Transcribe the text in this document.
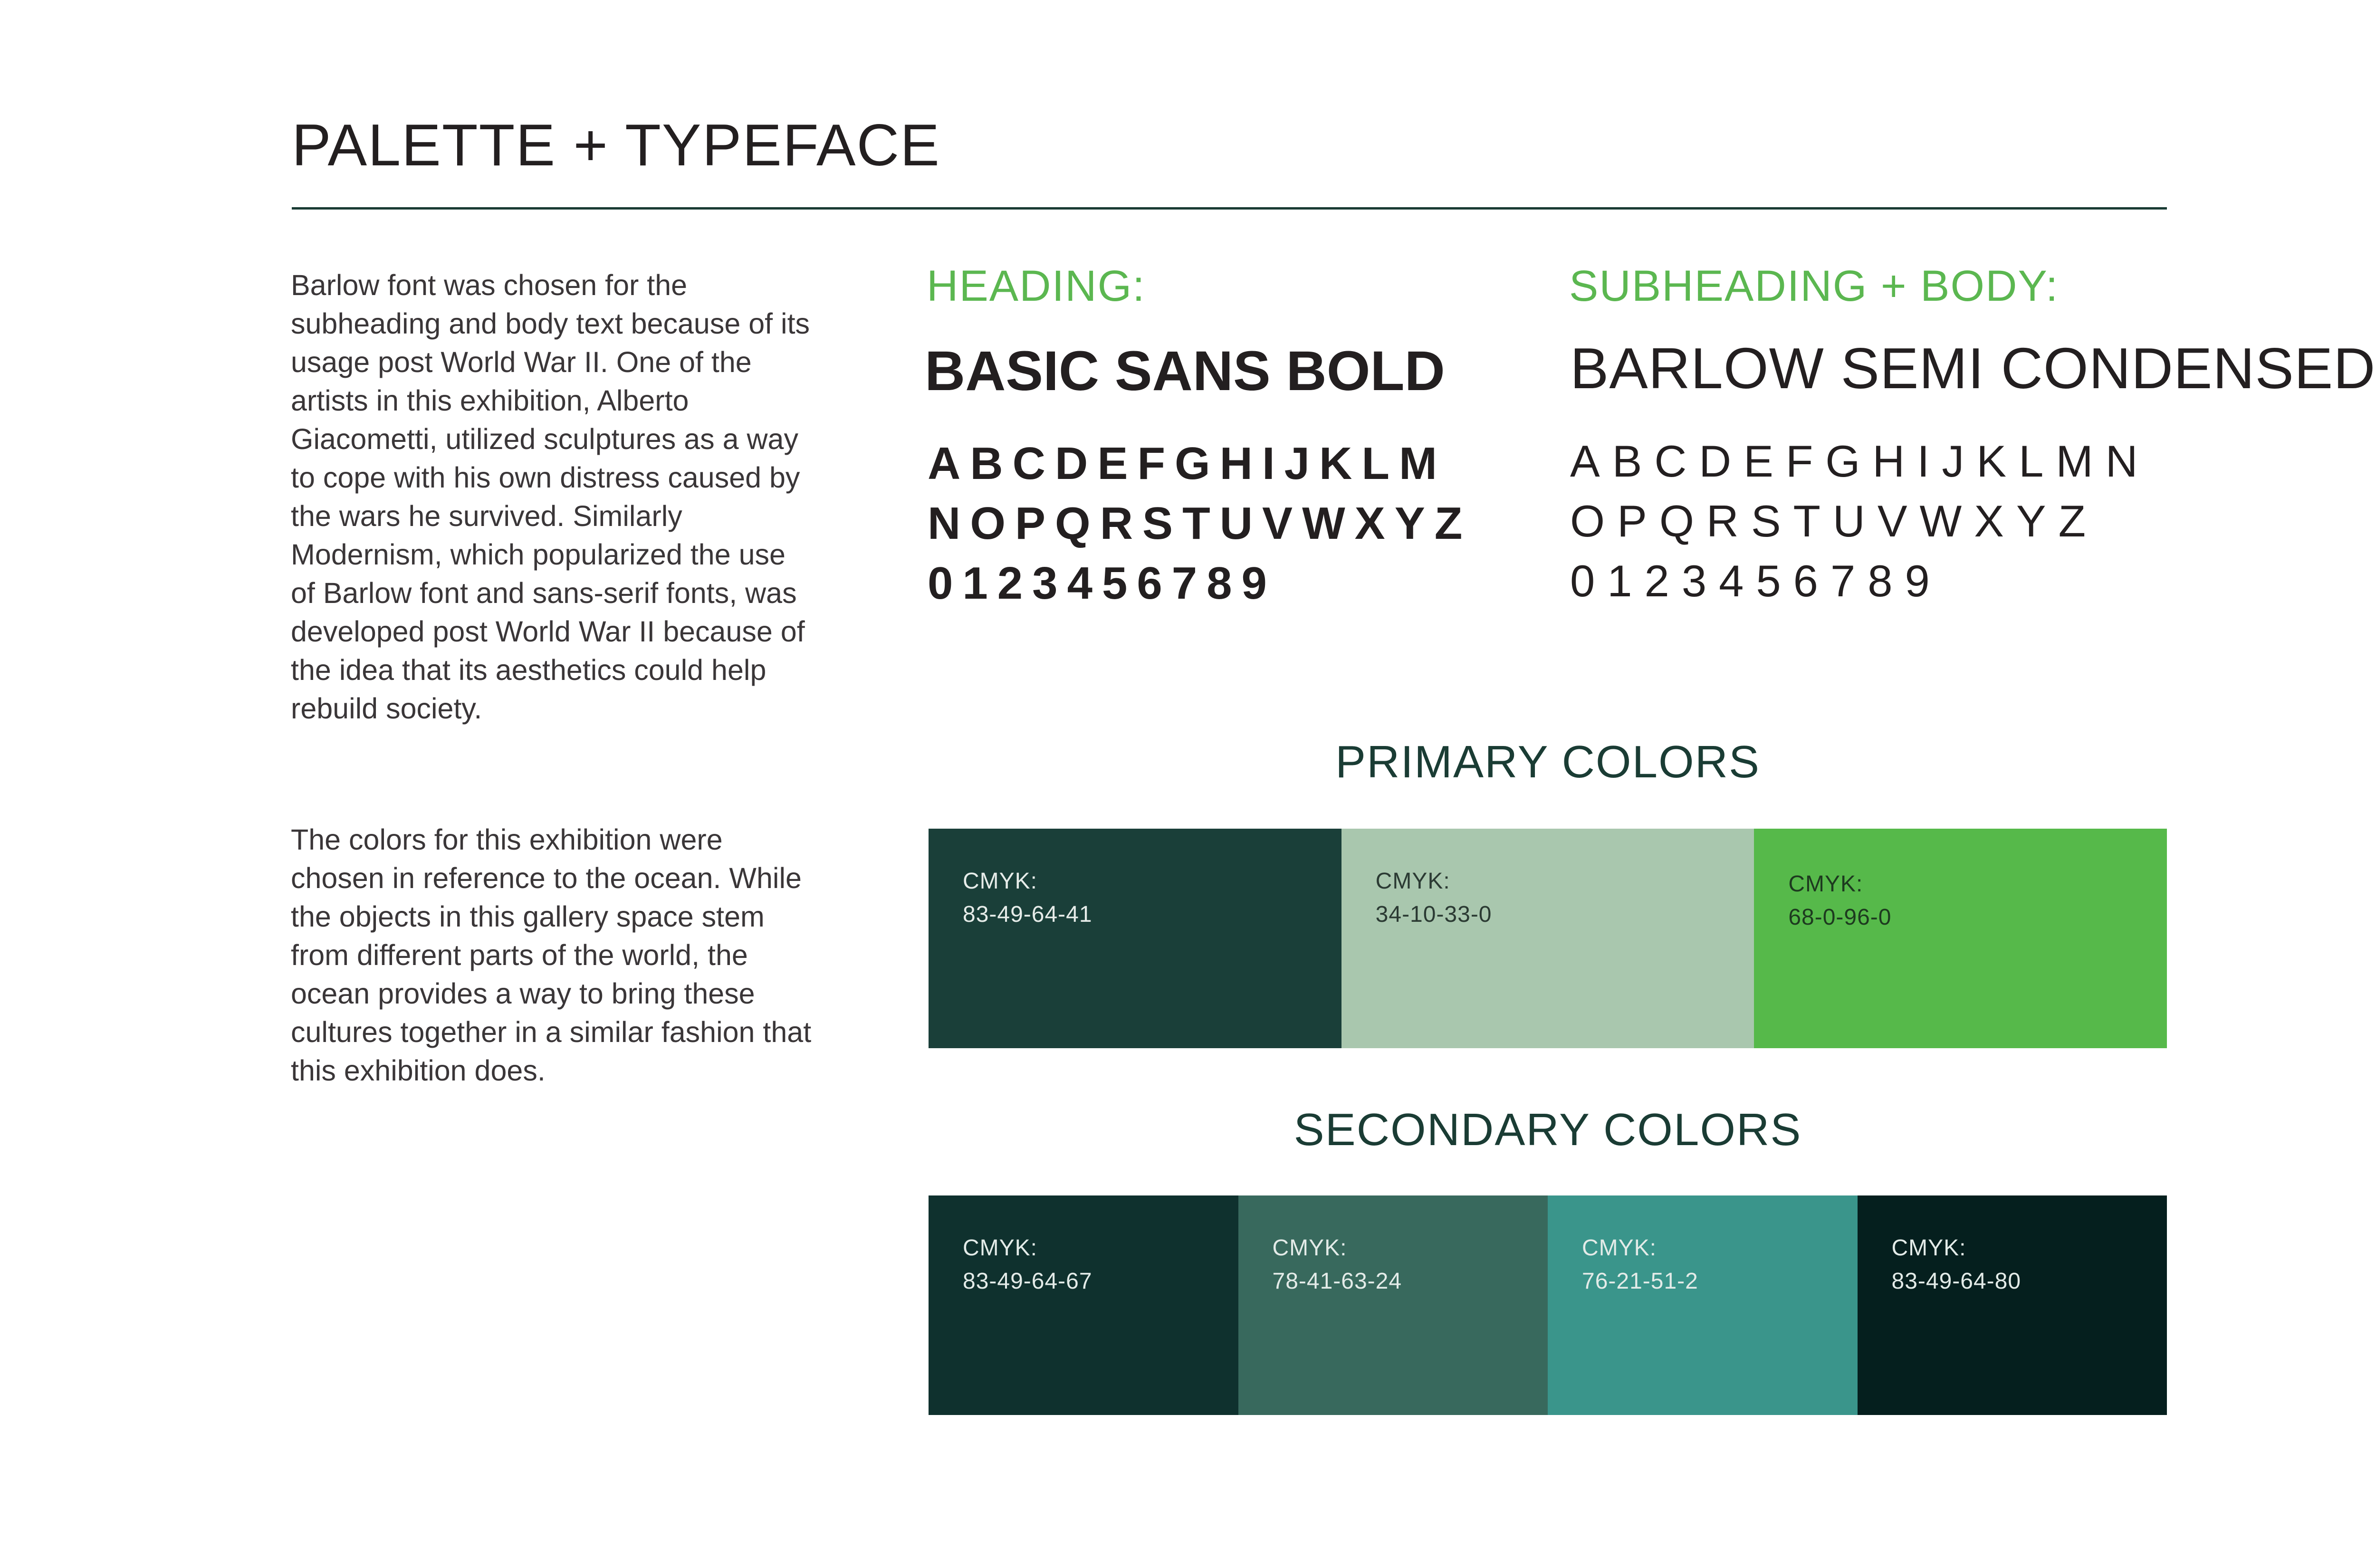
PALETTE + TYPEFACE
Barlow font was chosen for the subheading and body text because of its usage post World War II. One of the artists in this exhibition, Alberto Giacometti, utilized sculptures as a way to cope with his own distress caused by the wars he survived. Similarly Modernism, which popularized the use of Barlow font and sans-serif fonts, was developed post World War II because of the idea that its aesthetics could help rebuild society.
The colors for this exhibition were chosen in reference to the ocean. While the objects in this gallery space stem from different parts of the world, the ocean provides a way to bring these cultures together in a similar fashion that this exhibition does.
HEADING:	SUBHEADING + BODY:
BASIC SANS BOLD BARLOW SEMI CONDENSED
ABCDEFGHIJKLM
NOPQRSTUVWXYZ
0123456789
ABCDEFGHIJKLMN
OPQRSTUVWXYZ
0123456789
PRIMARY COLORS
CMYK:
83-49-64-41
CMYK:
34-10-33-0
CMYK:
68-0-96-0
SECONDARY COLORS
CMYK:
83-49-64-67
CMYK:
78-41-63-24
CMYK:
76-21-51-2
CMYK:
83-49-64-80
